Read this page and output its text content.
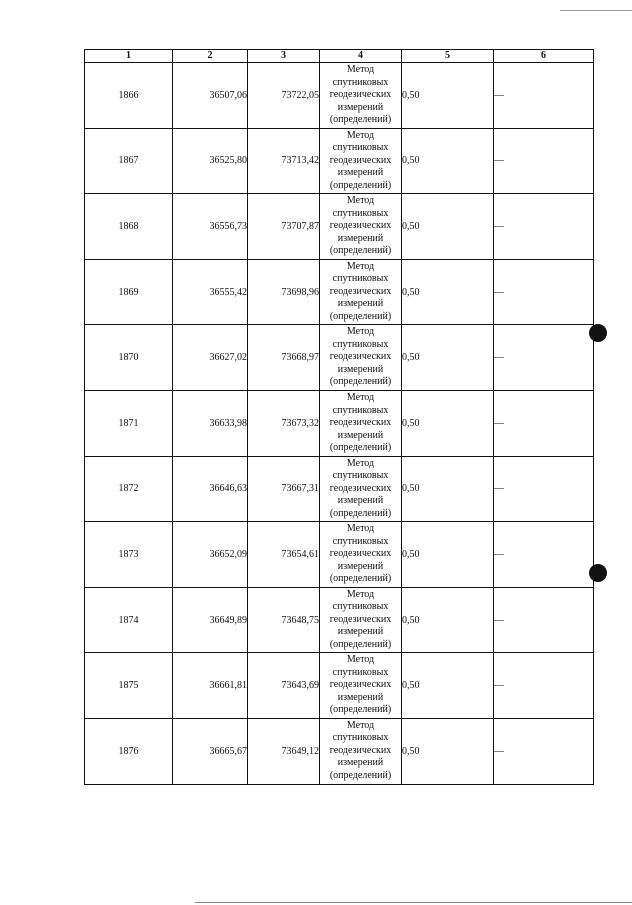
1	2	3	4	5	6
1866	36507,06	73722,05	Метод
спутниковых
геодезических
измерений
(определений)	0,50	—
1867	36525,80	73713,42	Метод
спутниковых
геодезических
измерений
(определений)	0,50	—
1868	36556,73	73707,87	Метод
спутниковых
геодезических
измерений
(определений)	0,50	—
1869	36555,42	73698,96	Метод
спутниковых
геодезических
измерений
(определений)	0,50	—
1870	36627,02	73668,97	Метод
спутниковых
геодезических
измерений
(определений)	0,50	—
1871	36633,98	73673,32	Метод
спутниковых
геодезических
измерений
(определений)	0,50	—
1872	36646,63	73667,31	Метод
спутниковых
геодезических
измерений
(определений)	0,50	—
1873	36652,09	73654,61	Метод
спутниковых
геодезических
измерений
(определений)	0,50	—
1874	36649,89	73648,75	Метод
спутниковых
геодезических
измерений
(определений)	0,50	—
1875	36661,81	73643,69	Метод
спутниковых
геодезических
измерений
(определений)	0,50	—
1876	36665,67	73649,12	Метод
спутниковых
геодезических
измерений
(определений)	0,50	—
